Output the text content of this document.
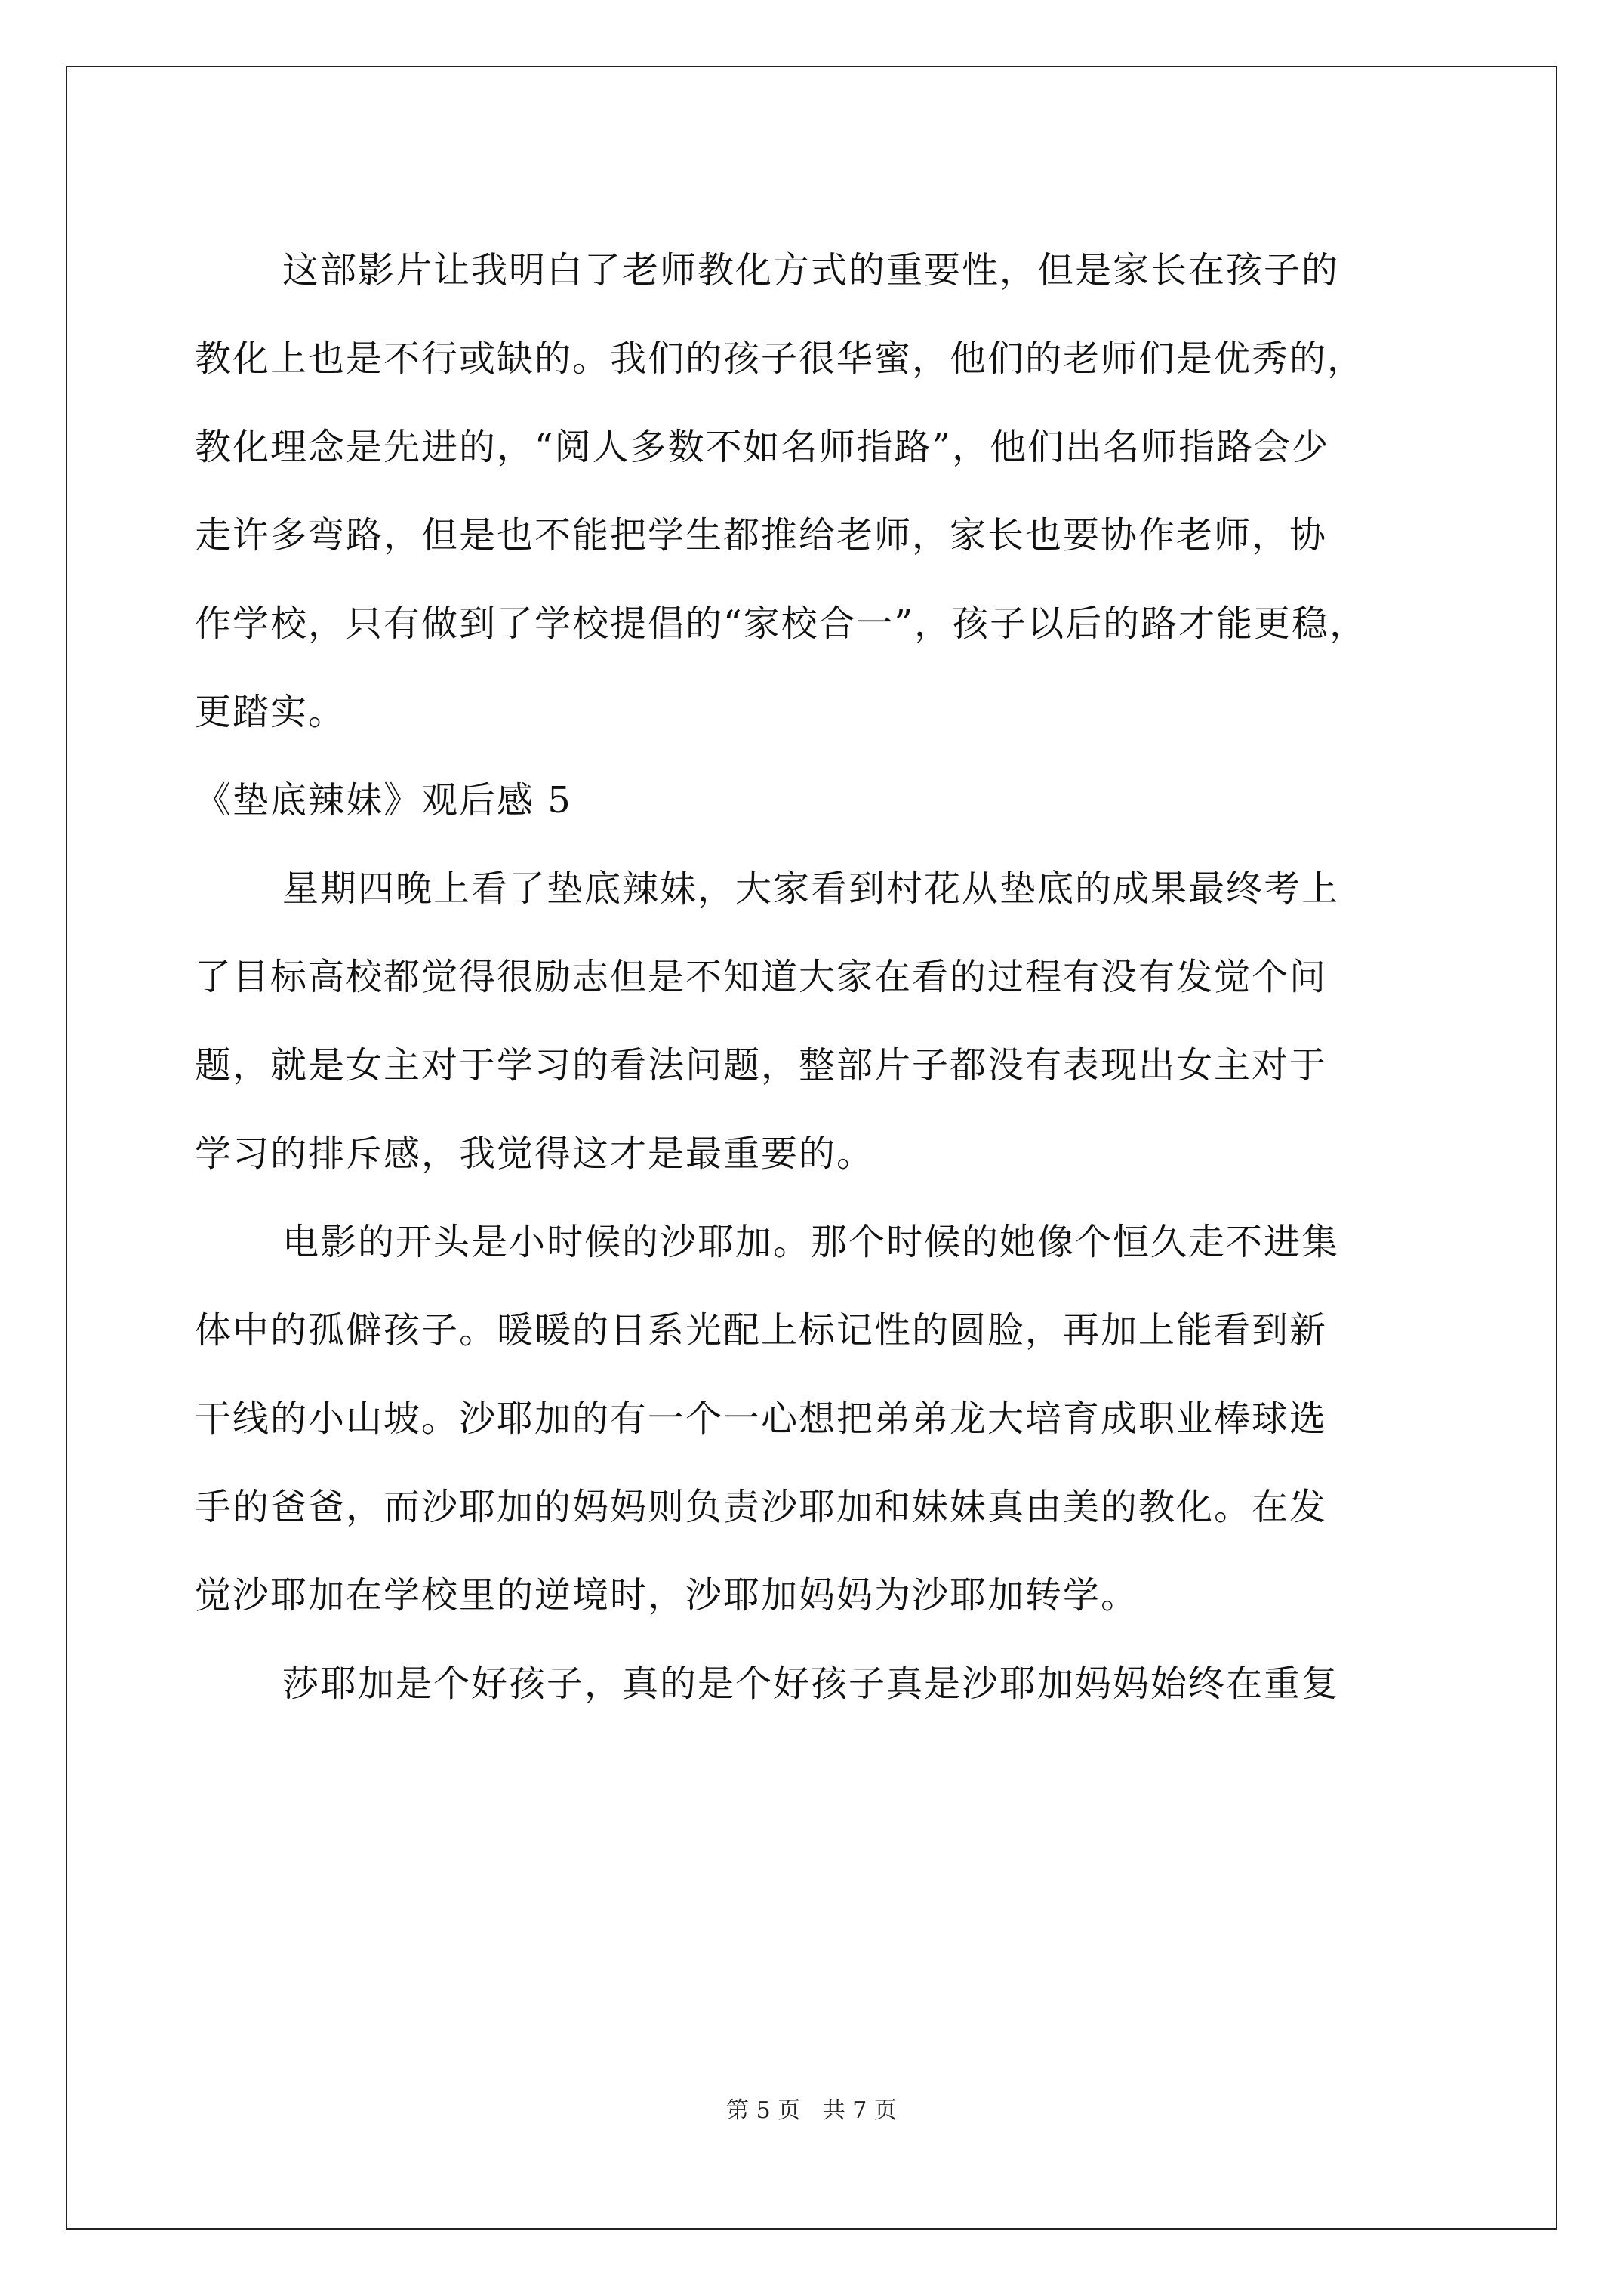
这部影片让我明白了老师教化方式的重要性，但是家长在孩子的
教化上也是不行或缺的。我们的孩子很华蜜，他们的老师们是优秀的，
教化理念是先进的，“阅人多数不如名师指路”，他们出名师指路会少
走许多弯路，但是也不能把学生都推给老师，家长也要协作老师，协
作学校，只有做到了学校提倡的“家校合一”，孩子以后的路才能更稳，
更踏实。

《垫底辣妹》观后感 5

星期四晚上看了垫底辣妹，大家看到村花从垫底的成果最终考上
了目标高校都觉得很励志但是不知道大家在看的过程有没有发觉个问
题，就是女主对于学习的看法问题，整部片子都没有表现出女主对于
学习的排斥感，我觉得这才是最重要的。

电影的开头是小时候的沙耶加。那个时候的她像个恒久走不进集
体中的孤僻孩子。暖暖的日系光配上标记性的圆脸，再加上能看到新
干线的小山坡。沙耶加的有一个一心想把弟弟龙大培育成职业棒球选
手的爸爸，而沙耶加的妈妈则负责沙耶加和妹妹真由美的教化。在发
觉沙耶加在学校里的逆境时，沙耶加妈妈为沙耶加转学。

莎耶加是个好孩子，真的是个好孩子真是沙耶加妈妈始终在重复

第 5 页 共 7 页
